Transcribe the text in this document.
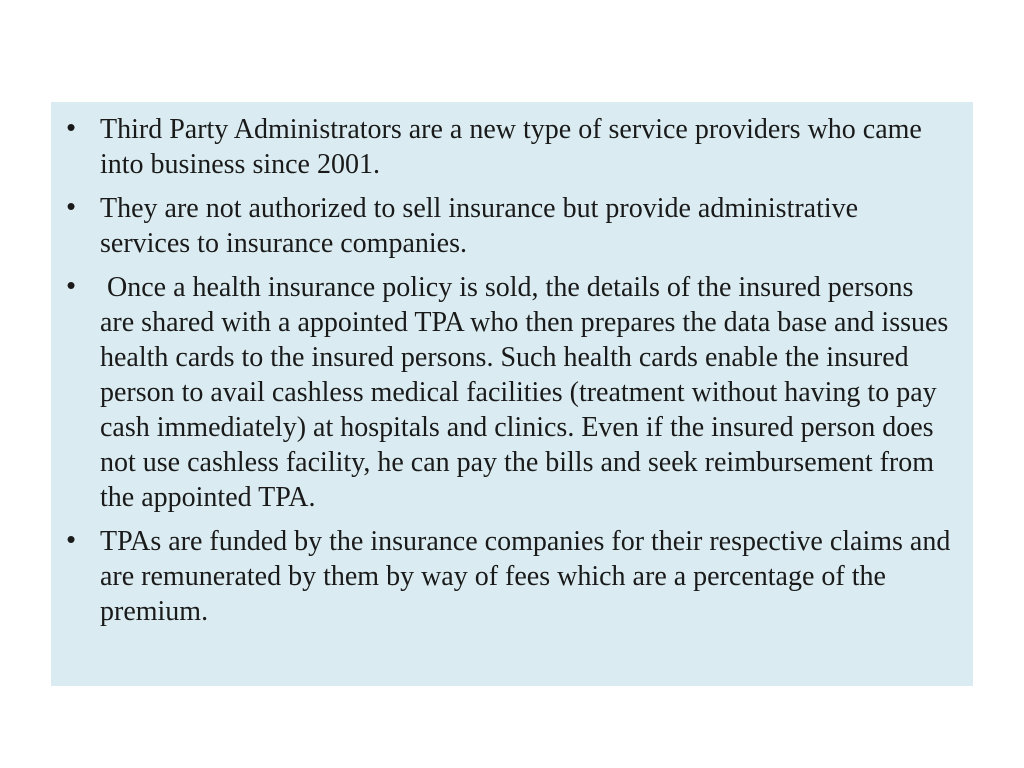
• Third Party Administrators are a new type of service providers who came into business since 2001.
• They are not authorized to sell insurance but provide administrative services to insurance companies.
• Once a health insurance policy is sold, the details of the insured persons are shared with a appointed TPA who then prepares the data base and issues health cards to the insured persons. Such health cards enable the insured person to avail cashless medical facilities (treatment without having to pay cash immediately) at hospitals and clinics. Even if the insured person does not use cashless facility, he can pay the bills and seek reimbursement from the appointed TPA.
• TPAs are funded by the insurance companies for their respective claims and are remunerated by them by way of fees which are a percentage of the premium.
